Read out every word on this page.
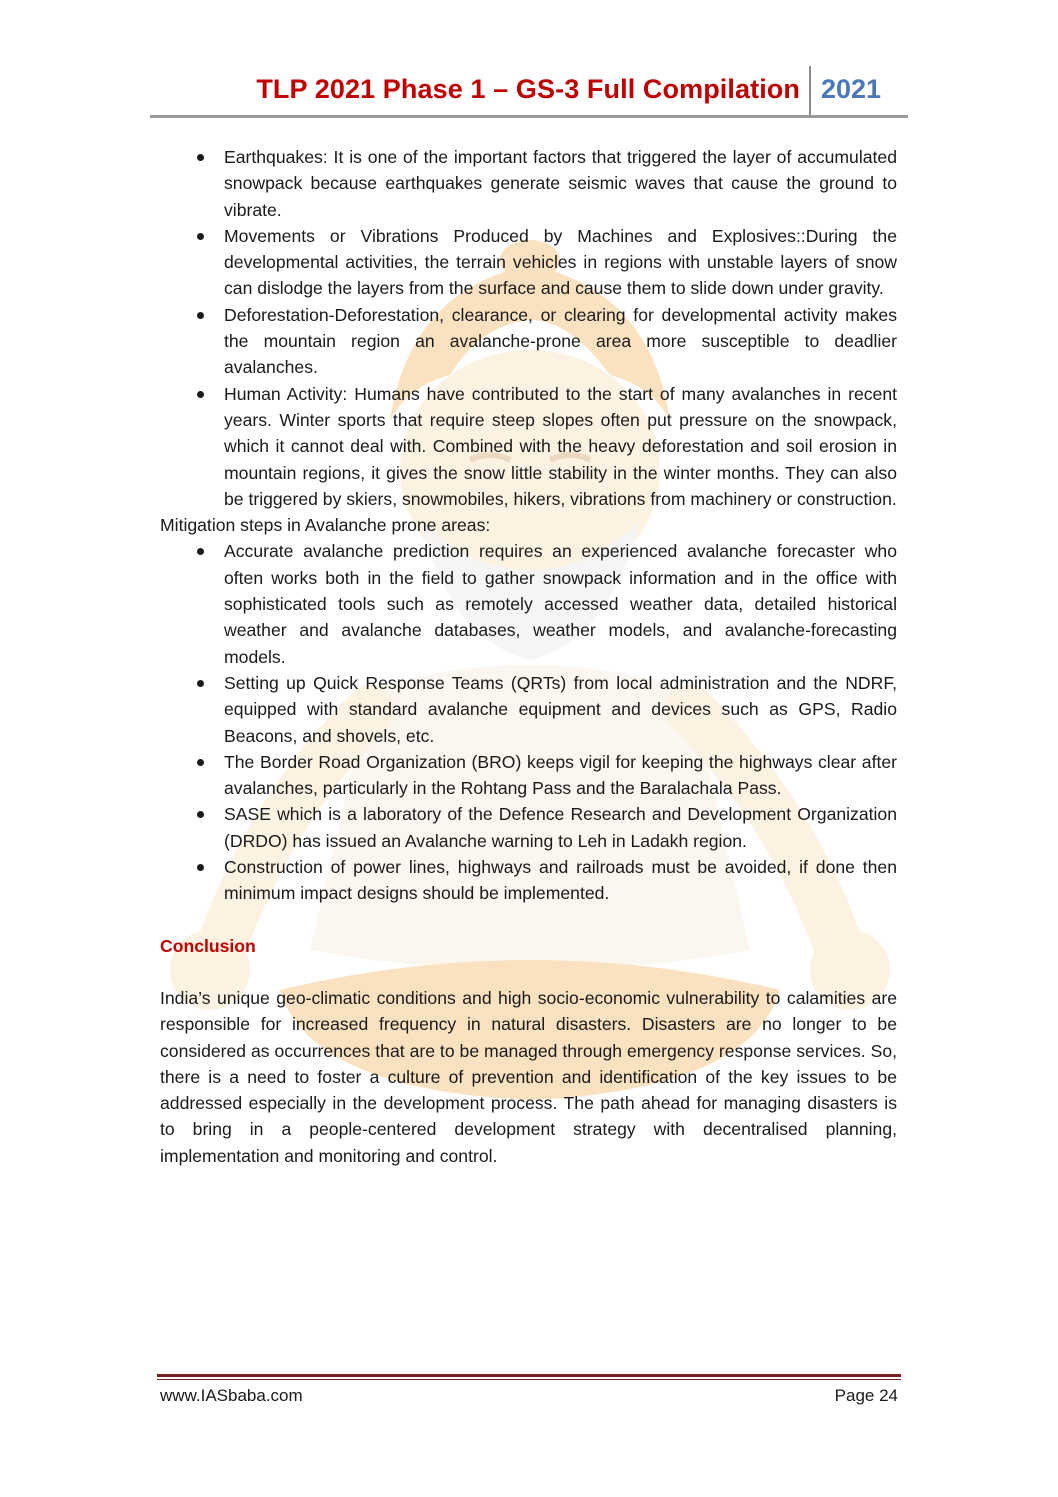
TLP 2021 Phase 1 – GS-3 Full Compilation 2021
Earthquakes: It is one of the important factors that triggered the layer of accumulated snowpack because earthquakes generate seismic waves that cause the ground to vibrate.
Movements or Vibrations Produced by Machines and Explosives::During the developmental activities, the terrain vehicles in regions with unstable layers of snow can dislodge the layers from the surface and cause them to slide down under gravity.
Deforestation-Deforestation, clearance, or clearing for developmental activity makes the mountain region an avalanche-prone area more susceptible to deadlier avalanches.
Human Activity: Humans have contributed to the start of many avalanches in recent years. Winter sports that require steep slopes often put pressure on the snowpack, which it cannot deal with. Combined with the heavy deforestation and soil erosion in mountain regions, it gives the snow little stability in the winter months. They can also be triggered by skiers, snowmobiles, hikers, vibrations from machinery or construction.

Mitigation steps in Avalanche prone areas:

Accurate avalanche prediction requires an experienced avalanche forecaster who often works both in the field to gather snowpack information and in the office with sophisticated tools such as remotely accessed weather data, detailed historical weather and avalanche databases, weather models, and avalanche-forecasting models.
Setting up Quick Response Teams (QRTs) from local administration and the NDRF, equipped with standard avalanche equipment and devices such as GPS, Radio Beacons, and shovels, etc.
The Border Road Organization (BRO) keeps vigil for keeping the highways clear after avalanches, particularly in the Rohtang Pass and the Baralachala Pass.
SASE which is a laboratory of the Defence Research and Development Organization (DRDO) has issued an Avalanche warning to Leh in Ladakh region.
Construction of power lines, highways and railroads must be avoided, if done then minimum impact designs should be implemented.

Conclusion

India’s unique geo-climatic conditions and high socio-economic vulnerability to calamities are responsible for increased frequency in natural disasters. Disasters are no longer to be considered as occurrences that are to be managed through emergency response services. So, there is a need to foster a culture of prevention and identification of the key issues to be addressed especially in the development process. The path ahead for managing disasters is to bring in a people-centered development strategy with decentralised planning, implementation and monitoring and control.

www.IASbaba.com	Page 24
